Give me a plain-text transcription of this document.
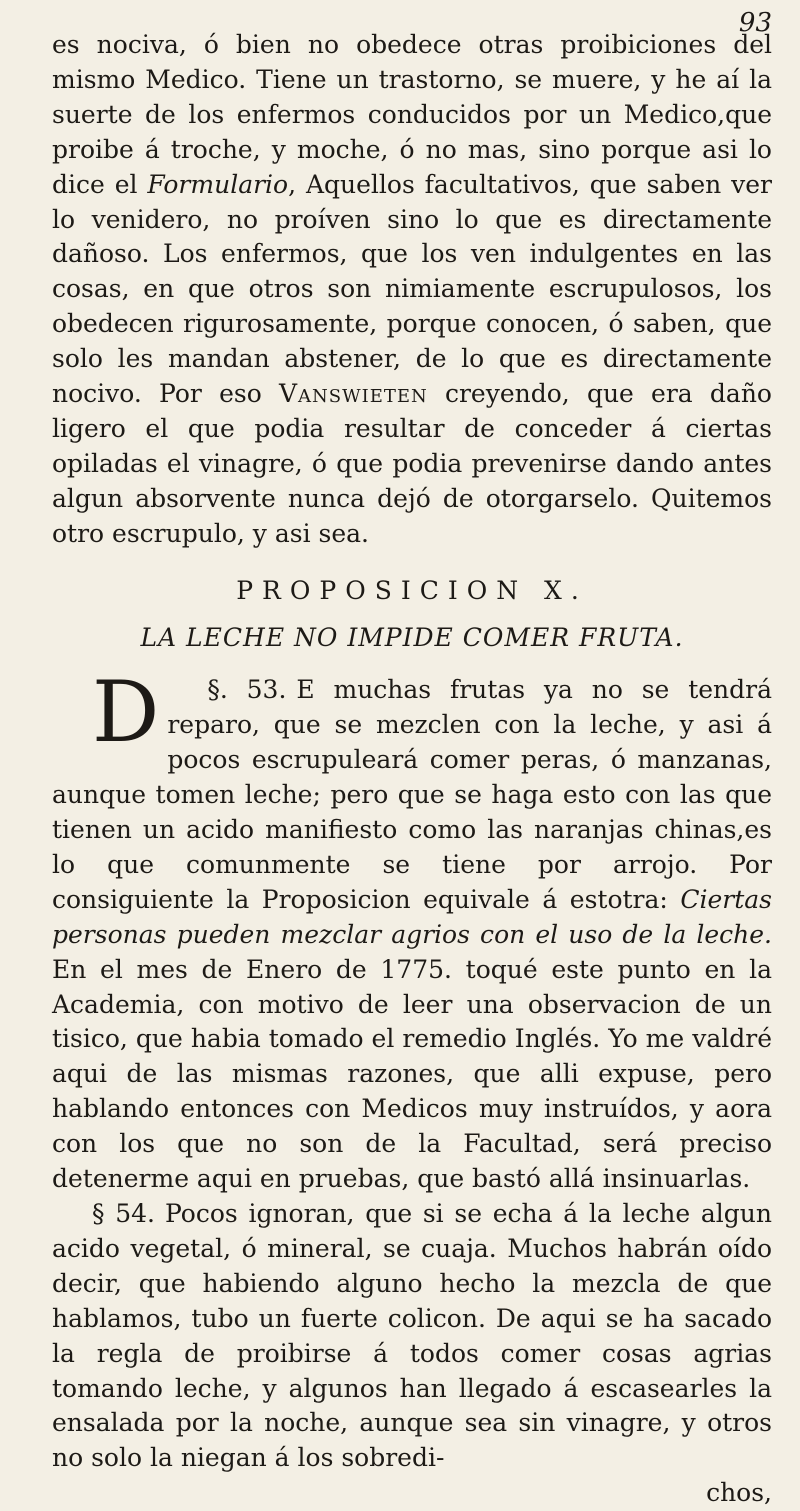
93

es nociva, ó bien no obedece otras proibiciones del mismo Medico. Tiene un trastorno, se muere, y he aí la suerte de los enfermos conducidos por un Medico,que proibe á troche, y moche, ó no mas, sino porque asi lo dice el Formulario, Aquellos facultativos, que saben ver lo venidero, no proíven sino lo que es directamente dañoso. Los enfermos, que los ven indulgentes en las cosas, en que otros son nimiamente escrupulosos, los obedecen rigurosamente, porque conocen, ó saben, que solo les mandan abstener, de lo que es directamente nocivo. Por eso Vanswieten creyendo, que era daño ligero el que podia resultar de conceder á ciertas opiladas el vinagre, ó que podia prevenirse dando antes algun absorvente nunca dejó de otorgarselo. Quitemos otro escrupulo, y asi sea.

PROPOSICION X.

LA LECHE NO IMPIDE COMER FRUTA.

§. 53.
D	E muchas frutas ya no se tendrá reparo, que se mezclen con la leche, y asi á pocos escrupuleará comer peras, ó manzanas, aunque tomen leche; pero que se haga esto con las que tienen un acido manifiesto como las naranjas chinas,es lo que comunmente se tiene por arrojo. Por consiguiente la Proposicion equivale á estotra: Ciertas personas pueden mezclar agrios con el uso de la leche. En el mes de Enero de 1775. toqué este punto en la Academia, con motivo de leer una observacion de un tisico, que habia tomado el remedio Inglés. Yo me valdré aqui de las mismas razones, que alli expuse, pero hablando entonces con Medicos muy instruídos, y aora con los que no son de la Facultad, será preciso detenerme aqui en pruebas, que bastó allá insinuarlas.

§ 54. Pocos ignoran, que si se echa á la leche algun acido vegetal, ó mineral, se cuaja. Muchos habrán oído decir, que habiendo alguno hecho la mezcla de que hablamos, tubo un fuerte colicon. De aqui se ha sacado la regla de proibirse á todos comer cosas agrias tomando leche, y algunos han llegado á escasearles la ensalada por la noche, aunque sea sin vinagre, y otros no solo la niegan á los sobredi-

chos,
